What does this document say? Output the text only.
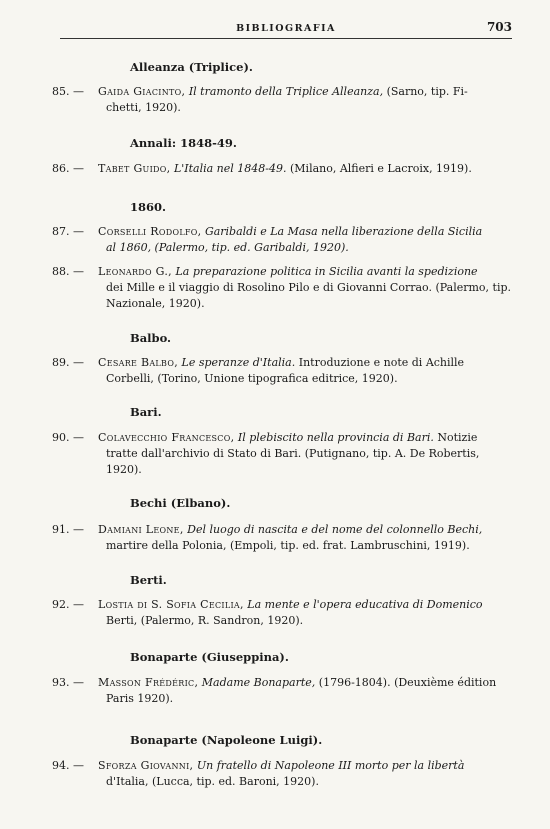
BIBLIOGRAFIA	703
Alleanza (Triplice).
85. —	Gaida Giacinto, Il tramonto della Triplice Alleanza, (Sarno, tip. Fi-
chetti, 1920).
Annali: 1848-49.
86. —	Tabet Guido, L'Italia nel 1848-49. (Milano, Alfieri e Lacroix, 1919).
1860.
87. —	Corselli Rodolfo, Garibaldi e La Masa nella liberazione della Sicilia
al 1860, (Palermo, tip. ed. Garibaldi, 1920).
88. —	Leonardo G., La preparazione politica in Sicilia avanti la spedizione
dei Mille e il viaggio di Rosolino Pilo e di Giovanni Corrao. (Palermo, tip. Nazionale, 1920).
Balbo.
89. —	Cesare Balbo, Le speranze d'Italia. Introduzione e note di Achille
Corbelli, (Torino, Unione tipografica editrice, 1920).
Bari.
90. —	Colavecchio Francesco, Il plebiscito nella provincia di Bari. Notizie
tratte dall'archivio di Stato di Bari. (Putignano, tip. A. De Robertis, 1920).
Bechi (Elbano).
91. —	Damiani Leone, Del luogo di nascita e del nome del colonnello Bechi,
martire della Polonia, (Empoli, tip. ed. frat. Lambruschini, 1919).
Berti.
92. —	Lostia di S. Sofia Cecilia, La mente e l'opera educativa di Domenico
Berti, (Palermo, R. Sandron, 1920).
Bonaparte (Giuseppina).
93. —	Masson Frédéric, Madame Bonaparte, (1796-1804). (Deuxième édition
Paris 1920).
Bonaparte (Napoleone Luigi).
94. —	Sforza Giovanni, Un fratello di Napoleone III morto per la libertà
d'Italia, (Lucca, tip. ed. Baroni, 1920).
